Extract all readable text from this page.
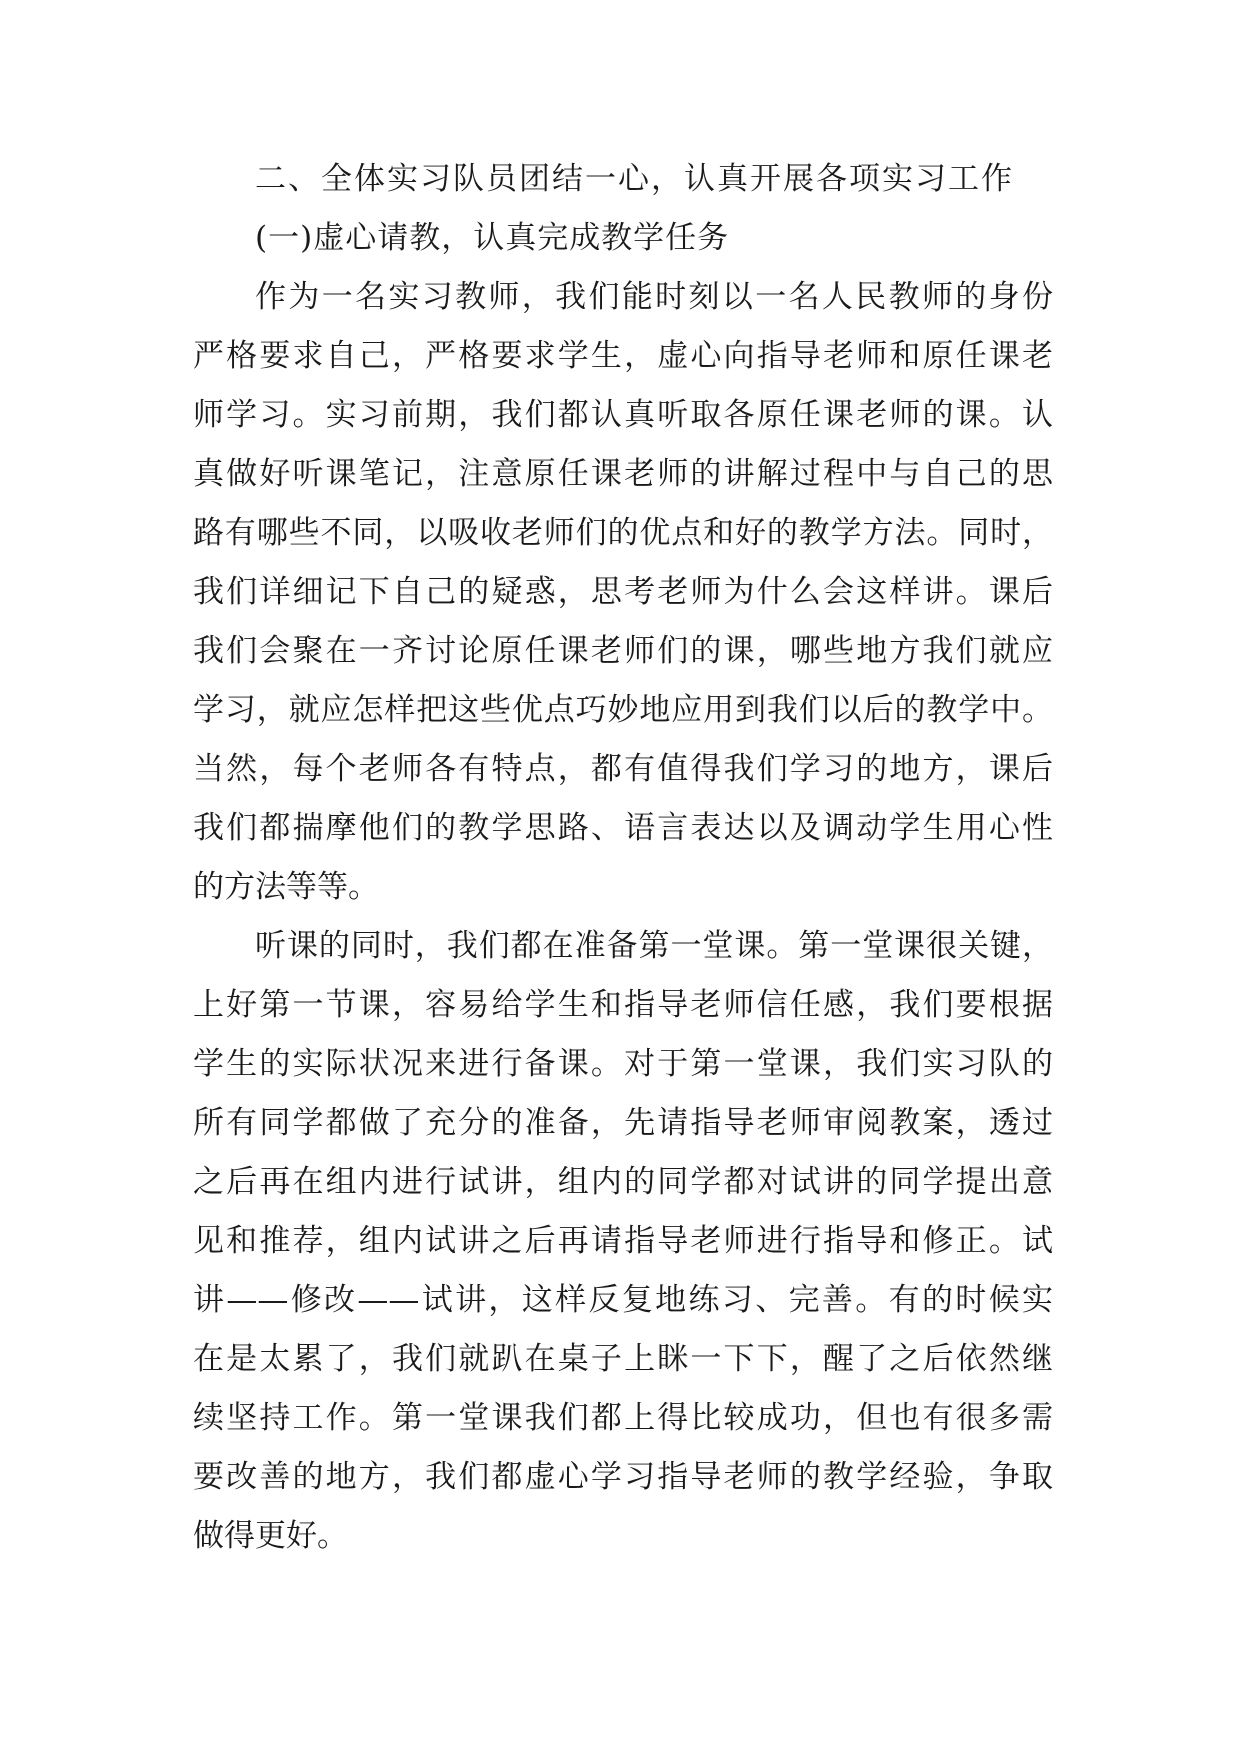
二、全体实习队员团结一心，认真开展各项实习工作
(一)虚心请教，认真完成教学任务
作为一名实习教师，我们能时刻以一名人民教师的身份
严格要求自己，严格要求学生，虚心向指导老师和原任课老
师学习。实习前期，我们都认真听取各原任课老师的课。认
真做好听课笔记，注意原任课老师的讲解过程中与自己的思
路有哪些不同，以吸收老师们的优点和好的教学方法。同时，
我们详细记下自己的疑惑，思考老师为什么会这样讲。课后
我们会聚在一齐讨论原任课老师们的课，哪些地方我们就应
学习，就应怎样把这些优点巧妙地应用到我们以后的教学中。
当然，每个老师各有特点，都有值得我们学习的地方，课后
我们都揣摩他们的教学思路、语言表达以及调动学生用心性
的方法等等。
听课的同时，我们都在准备第一堂课。第一堂课很关键，
上好第一节课，容易给学生和指导老师信任感，我们要根据
学生的实际状况来进行备课。对于第一堂课，我们实习队的
所有同学都做了充分的准备，先请指导老师审阅教案，透过
之后再在组内进行试讲，组内的同学都对试讲的同学提出意
见和推荐，组内试讲之后再请指导老师进行指导和修正。试
讲——修改——试讲，这样反复地练习、完善。有的时候实
在是太累了，我们就趴在桌子上眯一下下，醒了之后依然继
续坚持工作。第一堂课我们都上得比较成功，但也有很多需
要改善的地方，我们都虚心学习指导老师的教学经验，争取
做得更好。
